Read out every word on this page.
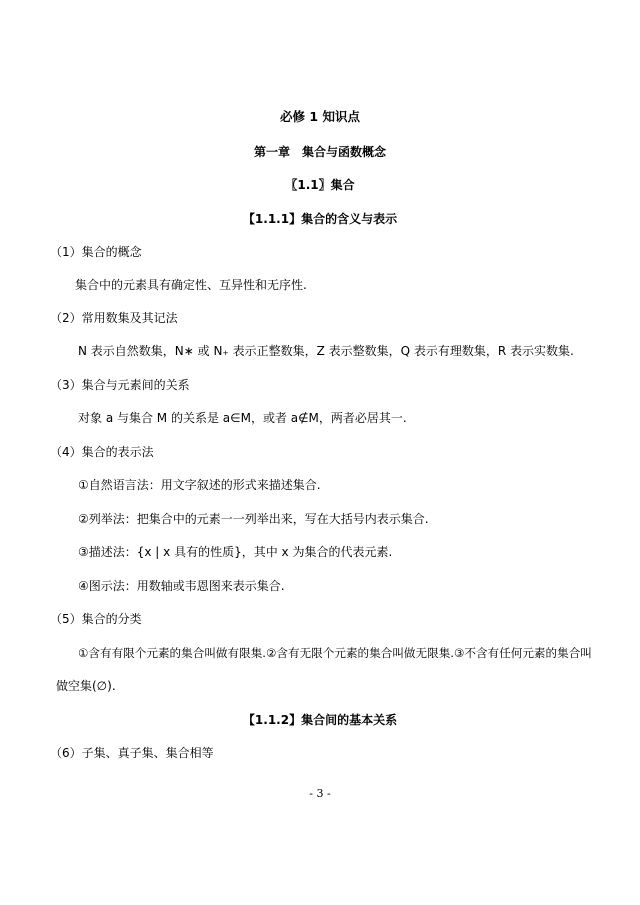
必修 1 知识点
第一章　集合与函数概念
〖1.1〗集合
【1.1.1】集合的含义与表示
（1）集合的概念
集合中的元素具有确定性、互异性和无序性.
（2）常用数集及其记法
N 表示自然数集，N∗ 或 N₊ 表示正整数集，Z 表示整数集，Q 表示有理数集，R 表示实数集.
（3）集合与元素间的关系
对象 a 与集合 M 的关系是 a∈M，或者 a∉M，两者必居其一.
（4）集合的表示法
①自然语言法：用文字叙述的形式来描述集合.
②列举法：把集合中的元素一一列举出来，写在大括号内表示集合.
③描述法：{x | x 具有的性质}，其中 x 为集合的代表元素.
④图示法：用数轴或韦恩图来表示集合.
（5）集合的分类
①含有有限个元素的集合叫做有限集.②含有无限个元素的集合叫做无限集.③不含有任何元素的集合叫
做空集(∅).
【1.1.2】集合间的基本关系
（6）子集、真子集、集合相等
- 3 -
